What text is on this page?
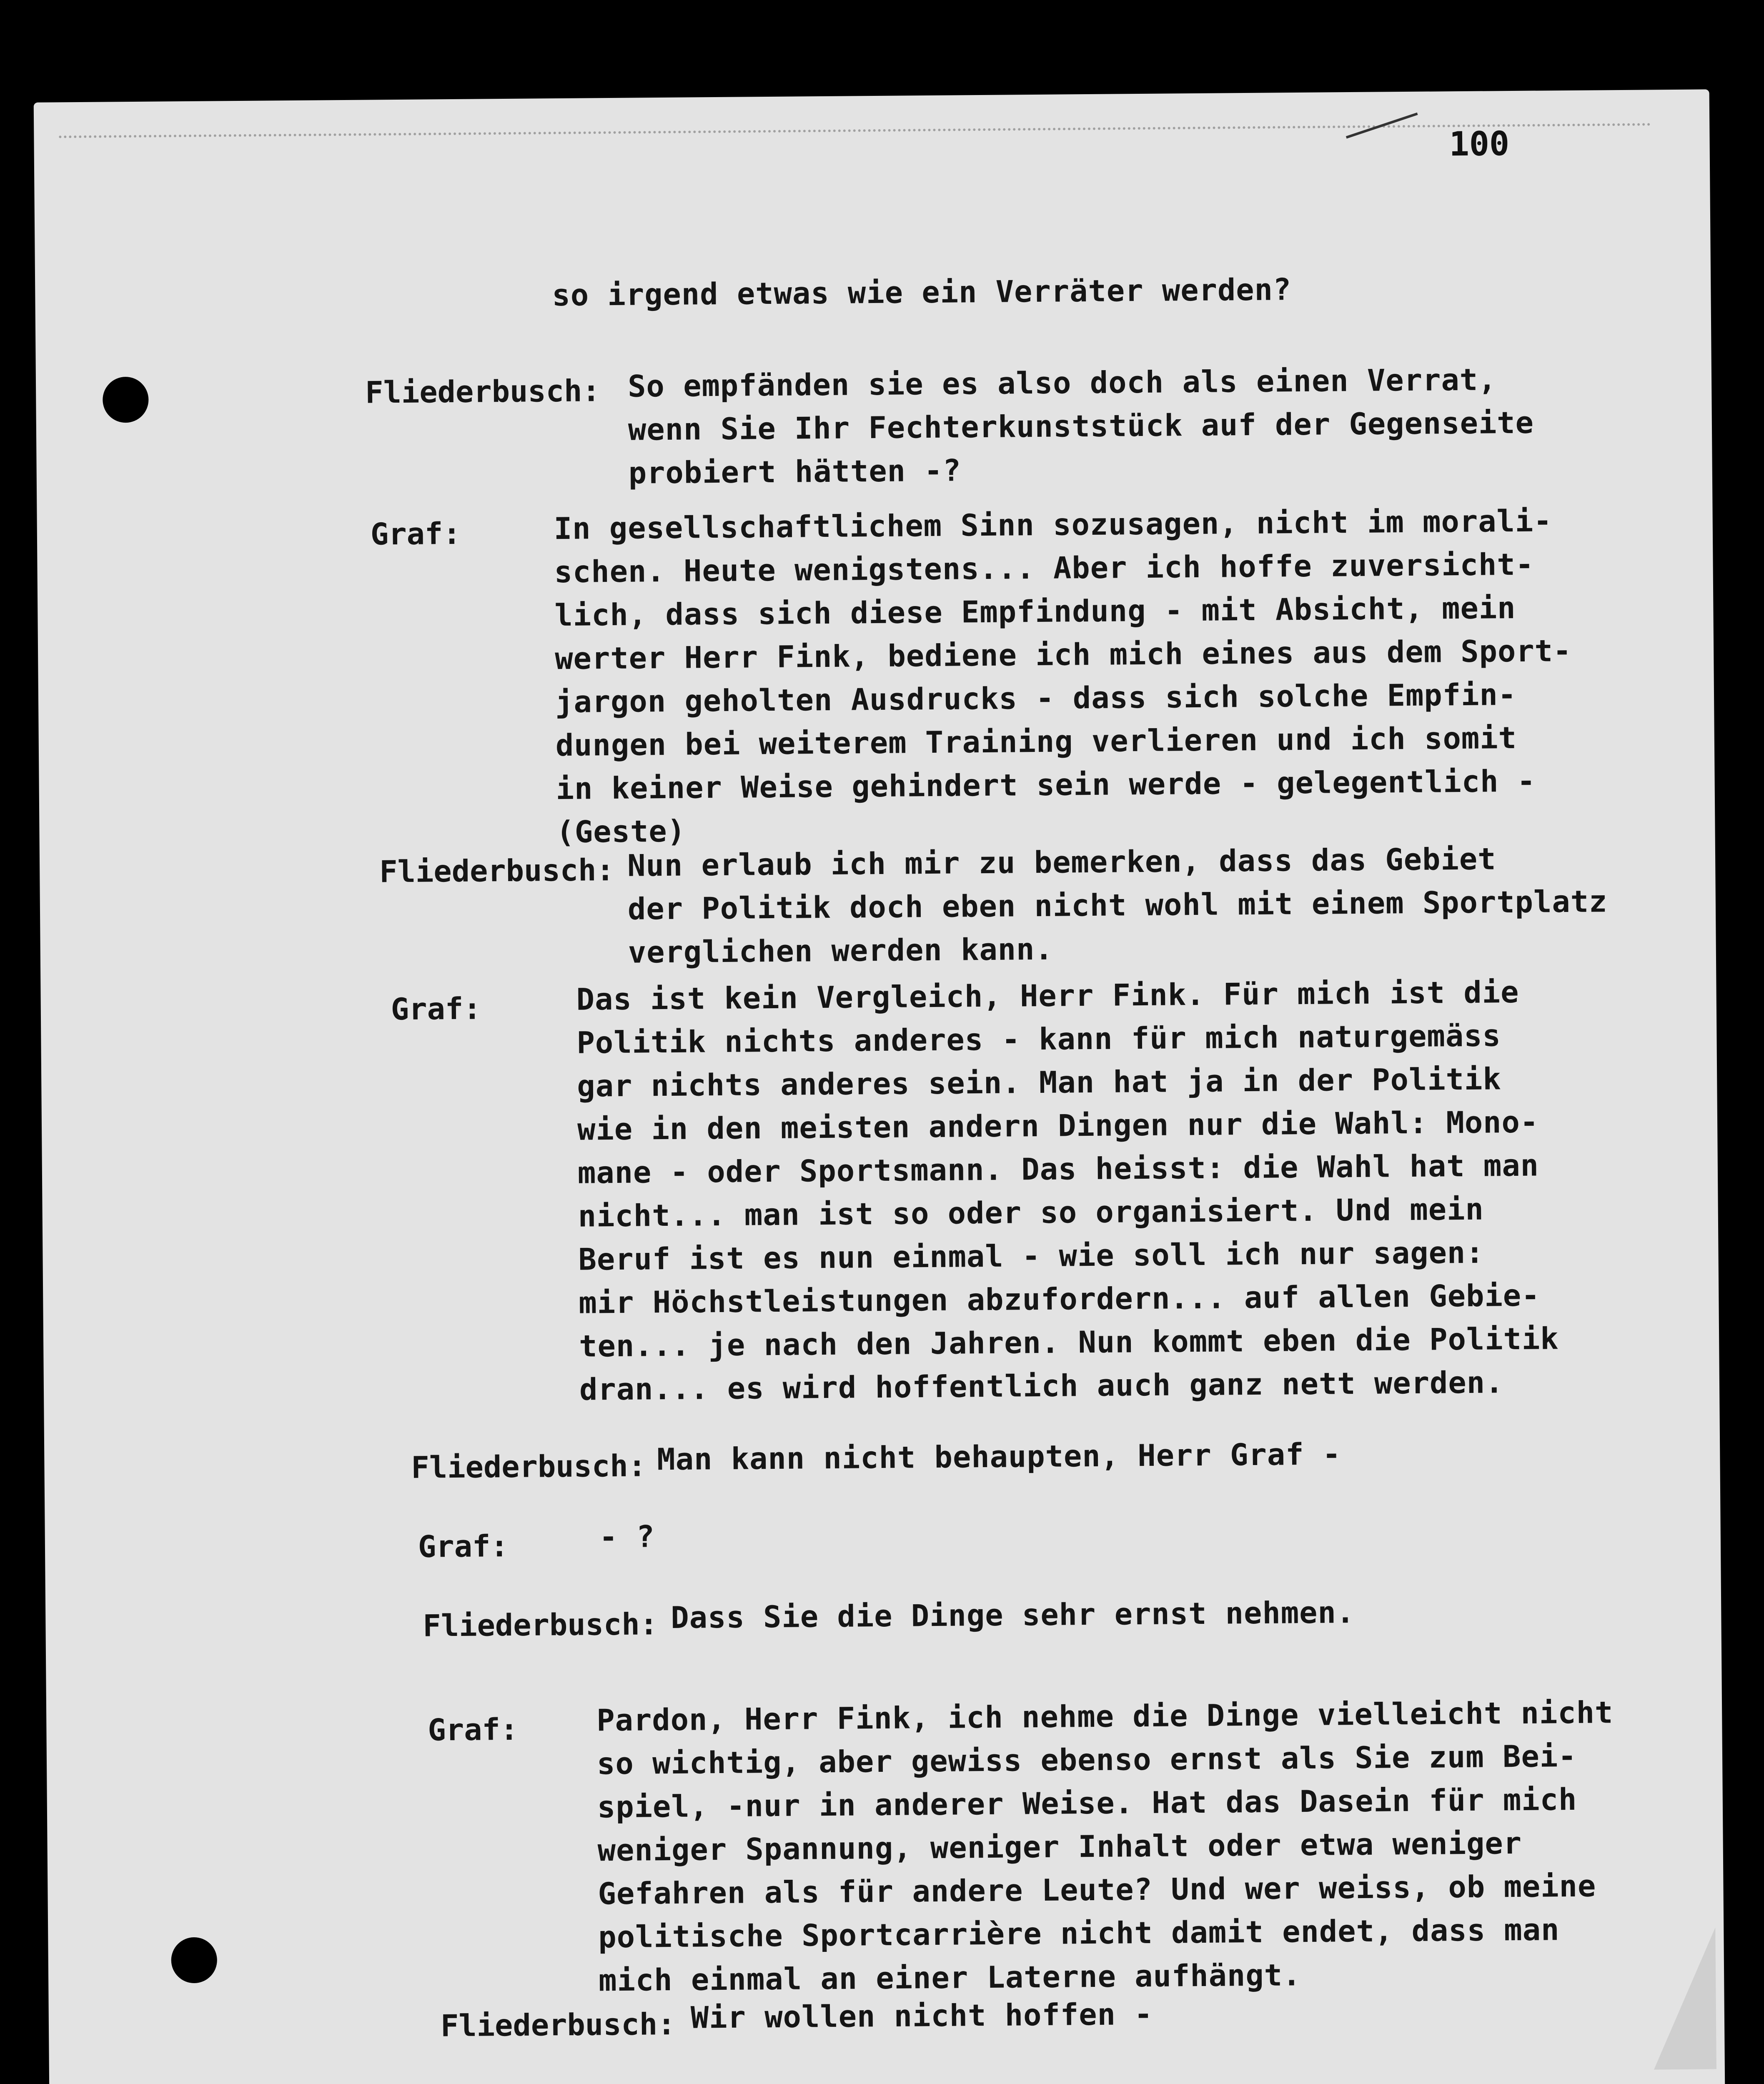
100
so irgend etwas wie ein Verräter werden?
Fliederbusch: So empfänden sie es also doch als einen Verrat,
wenn Sie Ihr Fechterkunststück auf der Gegenseite
probiert hätten -?
Graf:	In gesellschaftlichem Sinn sozusagen, nicht im morali-
schen. Heute wenigstens... Aber ich hoffe zuversicht-
lich, dass sich diese Empfindung - mit Absicht, mein
werter Herr Fink, bediene ich mich eines aus dem Sport-
jargon geholten Ausdrucks - dass sich solche Empfin-
dungen bei weiterem Training verlieren und ich somit
in keiner Weise gehindert sein werde - gelegentlich -
(Geste)
Fliederbusch: Nun erlaub ich mir zu bemerken, dass das Gebiet
der Politik doch eben nicht wohl mit einem Sportplatz
verglichen werden kann.
Graf:	Das ist kein Vergleich, Herr Fink. Für mich ist die
Politik nichts anderes - kann für mich naturgemäss
gar nichts anderes sein. Man hat ja in der Politik
wie in den meisten andern Dingen nur die Wahl: Mono-
mane - oder Sportsmann. Das heisst: die Wahl hat man
nicht... man ist so oder so organisiert. Und mein
Beruf ist es nun einmal - wie soll ich nur sagen:
mir Höchstleistungen abzufordern... auf allen Gebie-
ten... je nach den Jahren. Nun kommt eben die Politik
dran... es wird hoffentlich auch ganz nett werden.
Fliederbusch: Man kann nicht behaupten, Herr Graf -
Graf:	- ?
Fliederbusch: Dass Sie die Dinge sehr ernst nehmen.
Graf:	Pardon, Herr Fink, ich nehme die Dinge vielleicht nicht
so wichtig, aber gewiss ebenso ernst als Sie zum Bei-
spiel, -nur in anderer Weise. Hat das Dasein für mich
weniger Spannung, weniger Inhalt oder etwa weniger
Gefahren als für andere Leute? Und wer weiss, ob meine
politische Sportcarrière nicht damit endet, dass man
mich einmal an einer Laterne aufhängt.
Fliederbusch: Wir wollen nicht hoffen -
